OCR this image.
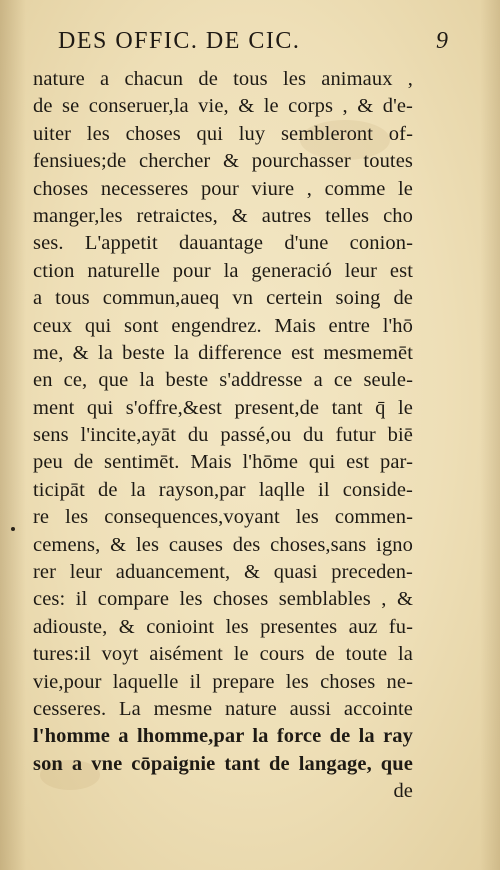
DES OFFIC. DE CIC.	9
nature a chacun de tous les animaux ,
de se conseruer,la vie, & le corps , & d'e-
uiter les choses qui luy sembleront of-
fensiues;de chercher & pourchasser toutes
choses necesseres pour viure , comme le
manger,les retraictes, & autres telles cho
ses. L'appetit dauantage d'une conion-
ction naturelle pour la generació leur est
a tous commun,aueq vn certein soing de
ceux qui sont engendrez. Mais entre l'hō
me, & la beste la difference est mesmemēt
en ce, que la beste s'addresse a ce seule-
ment qui s'offre,&est present,de tant q̄ le
sens l'incite,ayāt du passé,ou du futur biē
peu de sentimēt. Mais l'hōme qui est par-
ticipāt de la rayson,par laqlle il conside-
re les consequences,voyant les commen-
cemens, & les causes des choses,sans igno
rer leur aduancement, & quasi preceden-
ces: il compare les choses semblables , &
adiouste, & conioint les presentes auz fu-
tures:il voyt aisément le cours de toute la
vie,pour laquelle il prepare les choses ne-
cesseres. La mesme nature aussi accointe
l'homme a lhomme,par la force de la ray
son a vne cōpaignie tant de langage, que
de
